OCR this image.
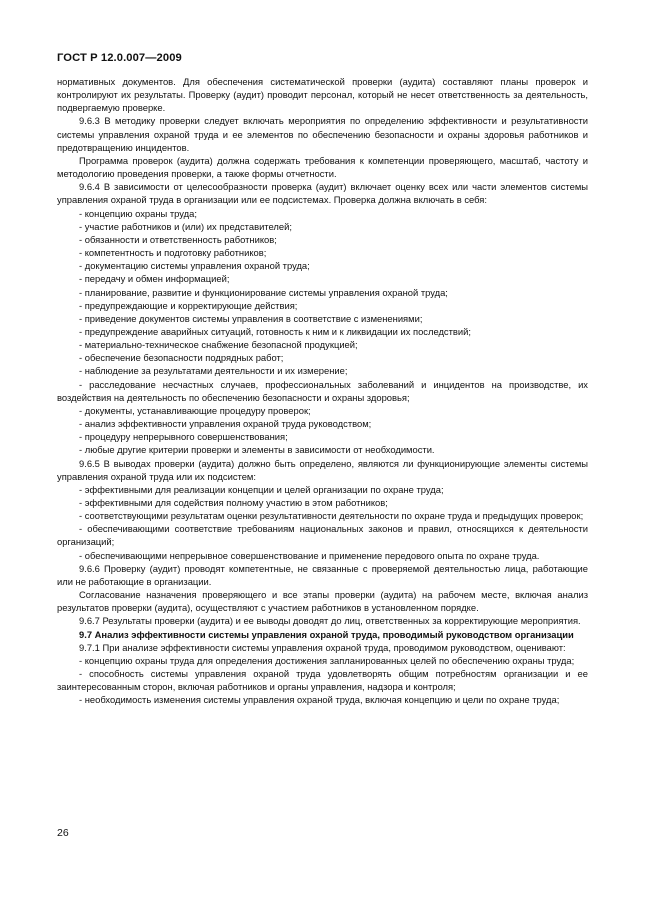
ГОСТ Р 12.0.007—2009

нормативных документов. Для обеспечения систематической проверки (аудита) составляют планы проверок и контролируют их результаты. Проверку (аудит) проводит персонал, который не несет ответственность за деятельность, подвергаемую проверке.

9.6.3 В методику проверки следует включать мероприятия по определению эффективности и результативности системы управления охраной труда и ее элементов по обеспечению безопасности и охраны здоровья работников и предотвращению инцидентов.

Программа проверок (аудита) должна содержать требования к компетенции проверяющего, масштаб, частоту и методологию проведения проверки, а также формы отчетности.

9.6.4 В зависимости от целесообразности проверка (аудит) включает оценку всех или части элементов системы управления охраной труда в организации или ее подсистемах. Проверка должна включать в себя:

- концепцию охраны труда;

- участие работников и (или) их представителей;

- обязанности и ответственность работников;

- компетентность и подготовку работников;

- документацию системы управления охраной труда;

- передачу и обмен информацией;

- планирование, развитие и функционирование системы управления охраной труда;

- предупреждающие и корректирующие действия;

- приведение документов системы управления в соответствие с изменениями;

- предупреждение аварийных ситуаций, готовность к ним и к ликвидации их последствий;

- материально-техническое снабжение безопасной продукцией;

- обеспечение безопасности подрядных работ;

- наблюдение за результатами деятельности и их измерение;

- расследование несчастных случаев, профессиональных заболеваний и инцидентов на производстве, их воздействия на деятельность по обеспечению безопасности и охраны здоровья;

- документы, устанавливающие процедуру проверок;

- анализ эффективности управления охраной труда руководством;

- процедуру непрерывного совершенствования;

- любые другие критерии проверки и элементы в зависимости от необходимости.

9.6.5 В выводах проверки (аудита) должно быть определено, являются ли функционирующие элементы системы управления охраной труда или их подсистем:

- эффективными для реализации концепции и целей организации по охране труда;

- эффективными для содействия полному участию в этом работников;

- соответствующими результатам оценки результативности деятельности по охране труда и предыдущих проверок;

- обеспечивающими соответствие требованиям национальных законов и правил, относящихся к деятельности организаций;

- обеспечивающими непрерывное совершенствование и применение передового опыта по охране труда.

9.6.6 Проверку (аудит) проводят компетентные, не связанные с проверяемой деятельностью лица, работающие или не работающие в организации.

Согласование назначения проверяющего и все этапы проверки (аудита) на рабочем месте, включая анализ результатов проверки (аудита), осуществляют с участием работников в установленном порядке.

9.6.7 Результаты проверки (аудита) и ее выводы доводят до лиц, ответственных за корректирующие мероприятия.

9.7 Анализ эффективности системы управления охраной труда, проводимый руководством организации

9.7.1 При анализе эффективности системы управления охраной труда, проводимом руководством, оценивают:

- концепцию охраны труда для определения достижения запланированных целей по обеспечению охраны труда;

- способность системы управления охраной труда удовлетворять общим потребностям организации и ее заинтересованным сторон, включая работников и органы управления, надзора и контроля;

- необходимость изменения системы управления охраной труда, включая концепцию и цели по охране труда;

26
